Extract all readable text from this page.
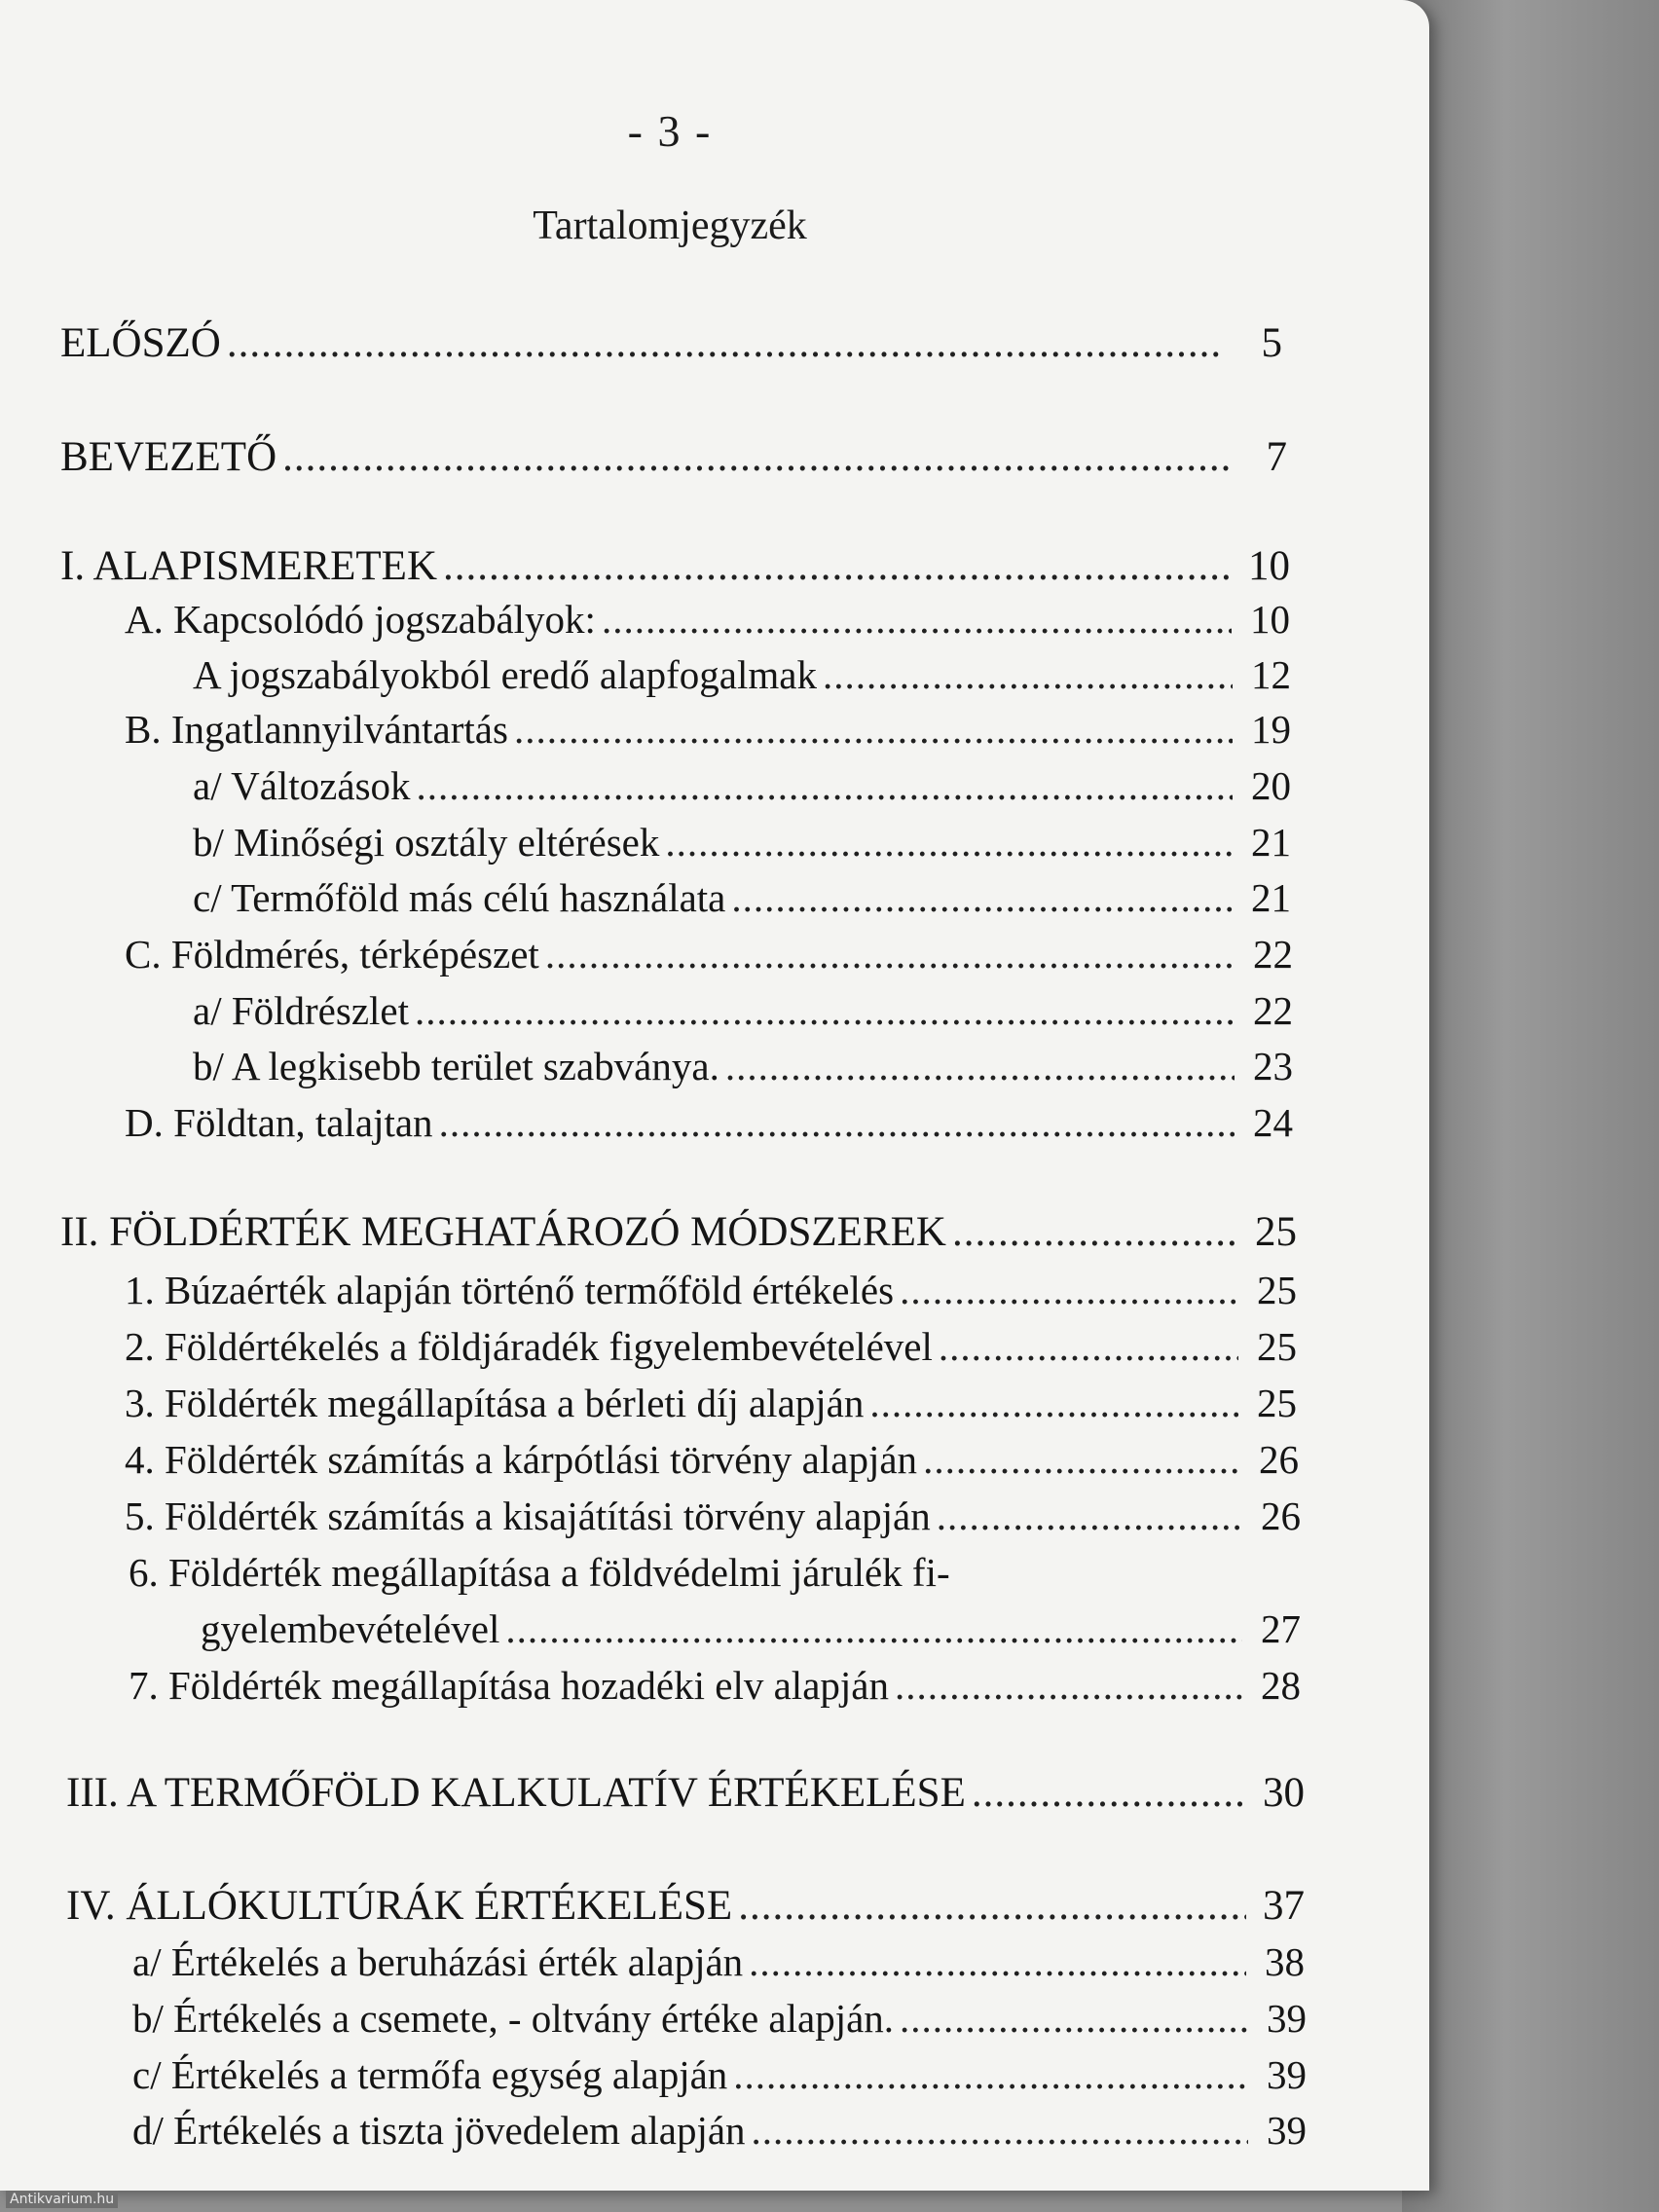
- 3 -
Tartalomjegyzék
ELŐSZÓ .....	5
BEVEZETŐ .....	7
I. ALAPISMERETEK .....	10
A. Kapcsolódó jogszabályok: .....	10
A jogszabályokból eredő alapfogalmak .....	12
B. Ingatlannyilvántartás .....	19
a/ Változások .....	20
b/ Minőségi osztály eltérések .....	21
c/ Termőföld más célú használata .....	21
C. Földmérés, térképészet .....	22
a/ Földrészlet .....	22
b/ A legkisebb terület szabványa. .....	23
D. Földtan, talajtan .....	24
II. FÖLDÉRTÉK MEGHATÁROZÓ MÓDSZEREK .....	25
1. Búzaérték alapján történő termőföld értékelés .....	25
2. Földértékelés a földjáradék figyelembevételével .....	25
3. Földérték megállapítása a bérleti díj alapján .....	25
4. Földérték számítás a kárpótlási törvény alapján .....	26
5. Földérték számítás a kisajátítási törvény alapján .....	26
6. Földérték megállapítása a földvédelmi járulék fi-
gyelembevételével .....	27
7. Földérték megállapítása hozadéki elv alapján .....	28
III. A TERMŐFÖLD KALKULATÍV ÉRTÉKELÉSE .....	30
IV. ÁLLÓKULTÚRÁK ÉRTÉKELÉSE .....	37
a/ Értékelés a beruházási érték alapján .....	38
b/ Értékelés a csemete, - oltvány értéke alapján. .....	39
c/ Értékelés a termőfa egység alapján .....	39
d/ Értékelés a tiszta jövedelem alapján .....	39
Antikvarium.hu
